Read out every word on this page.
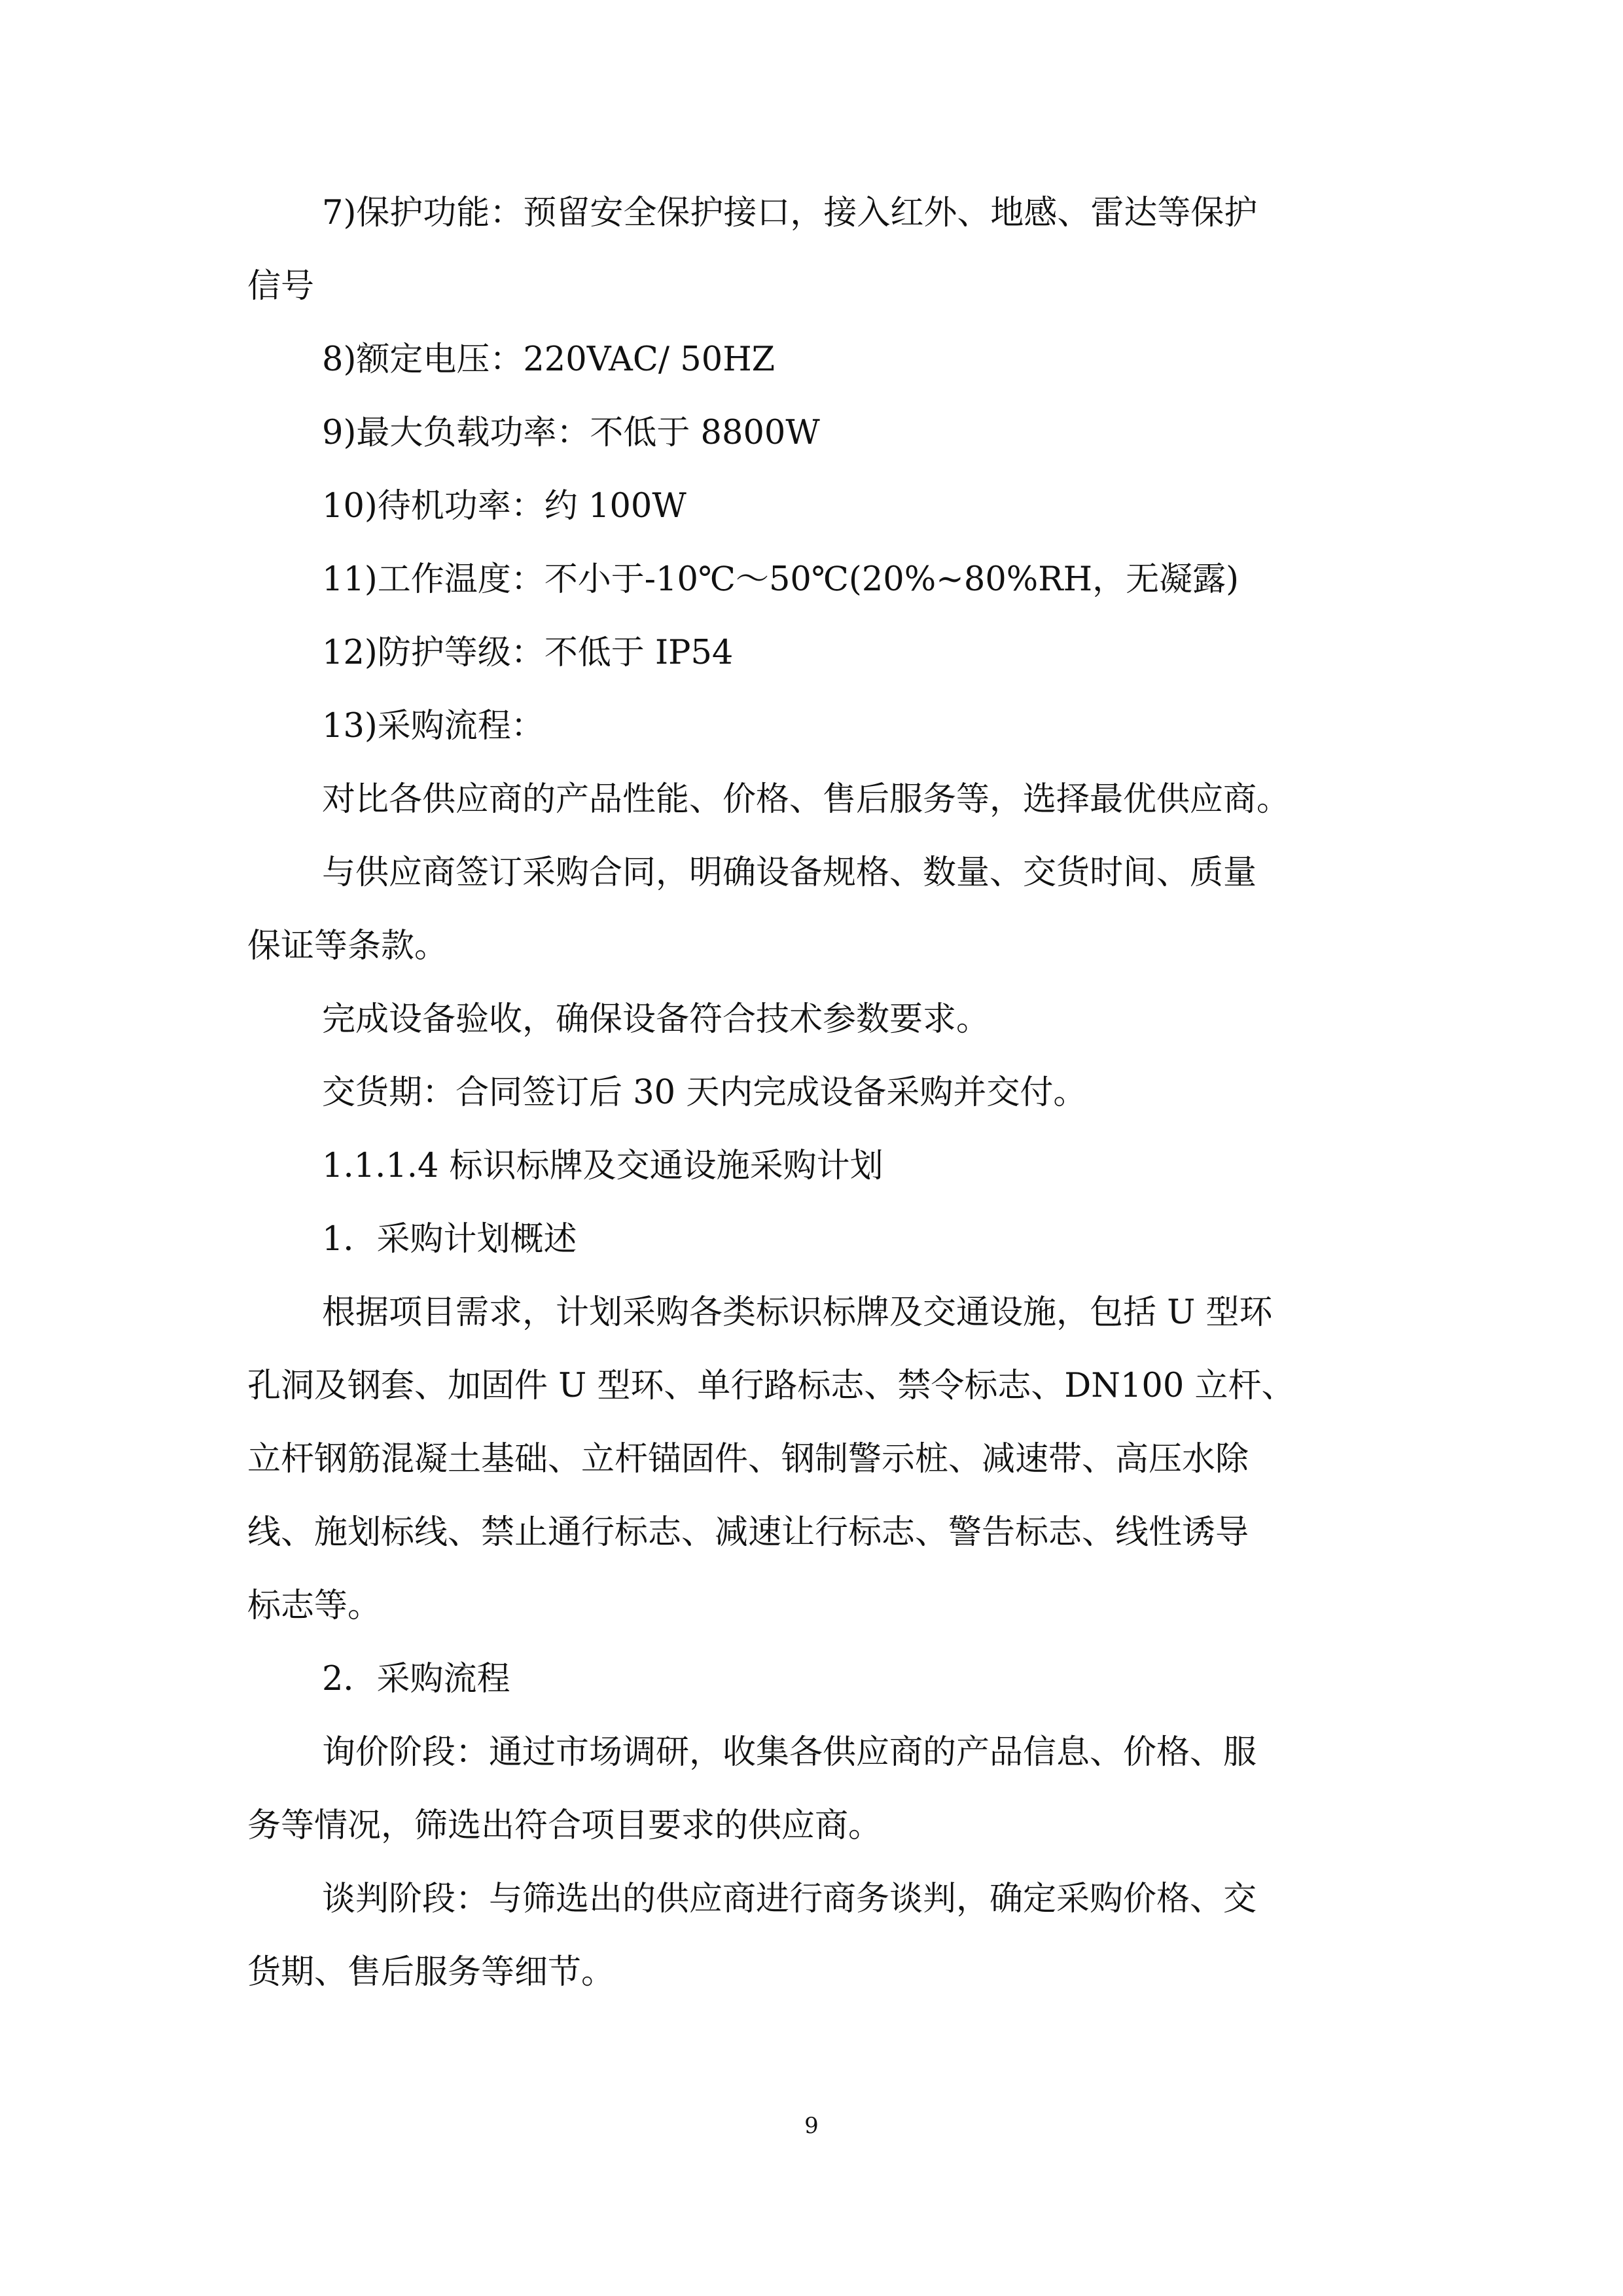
7)保护功能：预留安全保护接口，接入红外、地感、雷达等保护
信号
8)额定电压：220VAC/ 50HZ
9)最大负载功率：不低于 8800W
10)待机功率：约 100W
11)工作温度：不小于-10℃～50℃(20%~80%RH，无凝露)
12)防护等级：不低于 IP54
13)采购流程：
对比各供应商的产品性能、价格、售后服务等，选择最优供应商。
与供应商签订采购合同，明确设备规格、数量、交货时间、质量
保证等条款。
完成设备验收，确保设备符合技术参数要求。
交货期：合同签订后 30 天内完成设备采购并交付。
1.1.1.4 标识标牌及交通设施采购计划
1．采购计划概述
根据项目需求，计划采购各类标识标牌及交通设施，包括 U 型环
孔洞及钢套、加固件 U 型环、单行路标志、禁令标志、DN100 立杆、
立杆钢筋混凝土基础、立杆锚固件、钢制警示桩、减速带、高压水除
线、施划标线、禁止通行标志、减速让行标志、警告标志、线性诱导
标志等。
2．采购流程
询价阶段：通过市场调研，收集各供应商的产品信息、价格、服
务等情况，筛选出符合项目要求的供应商。
谈判阶段：与筛选出的供应商进行商务谈判，确定采购价格、交
货期、售后服务等细节。
9
